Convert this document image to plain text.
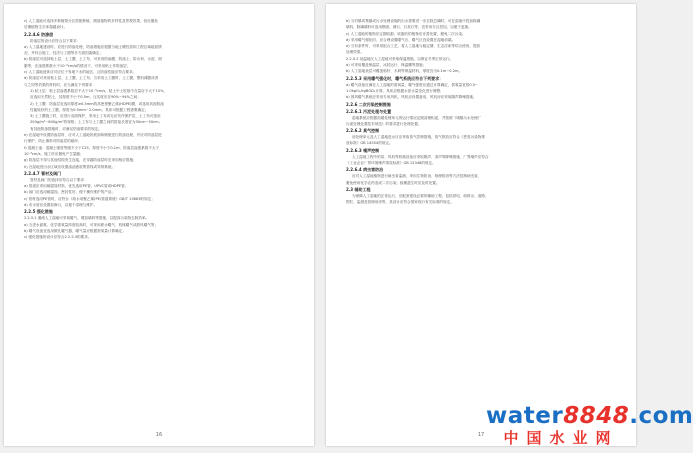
c) 人工湿地可选择多种植物分区搭配种植，增加植物的多样性及景观效果，但应避免
后期植物生长率超越设计。
2.2.4.6 防渗层
防渗层的设计应符合以下要求：
a) 人工湿地建设时，应进行防渗处理，防渗措施应根据当地土壤性质和工程区域地质情
况，并综合施工、经济与工期等多方面因素确定；
b) 防渗层可选择粘土层、土工膜、土工布，可采用防渗膜、防渗土、防水剂、水泥、树
脂等，在渗透系数小于10⁻⁸cm/s的情况下，可采用粘土作防渗层；
c) 人工湿地池体应对应位于有地下水的地区，且防渗性能应符合要求；
d) 防渗层可采用粘土层、土工膜、土工布；当采用土工膜时，土工膜、塑料薄膜或者
与之同等效果的材料时，应当满足下列要求：
1) 粘土层：粘土层渗透系数应不大于10⁻⁸cm/s，粘土中土粒组中含量应不大于15%，
应选用天然粘土，其厚度不小于0.5m，压实度应在90%~94%之间；
2) 土工膜：防渗层宜选用厚度≥0.5mm的高密度聚乙烯(HDPE)膜，或选用其他防渗
性能较好的土工膜，厚度为0.5mm~2.0mm，具体可根据工程需要确定；
3) 土工膜施工时，应进行双面保护，采用土工布或无纺布作保护层，土工布可选用
200g/m²~600g/m²的规格；土工布与土工膜之间的搭接长度宜为30cm~50cm；
有其他防渗措施时，应满足防渗要求的规定。
e) 在湿地中设置防渗层时，应对人工湿地的底部和侧壁进行防渗处理，并应对防渗层进
行保护，防止填料对防渗层的破坏；
f) 混凝土池：混凝土强度等级不小于C25，厚度不小于0.1m，防渗层渗透系数不大于
10⁻⁸cm/s，施工时应避免产生裂缝；
g) 防渗层不得与其他结构发生连接，在穿越防渗层时应采用相应措施；
h) 在湿地进出水区域应设置渗滤液收集管线或导排系统。
2.2.4.7 管材及阀门
管材及阀门的选择应符合以下要求：
a) 管道应采用耐腐蚀材料，优先选用PE管、UPVC管或HDPE管；
b) 阀门应选用耐腐蚀、密封性好、便于操作维护的产品；
c) 管材选用PE管时，应符合《给水用聚乙烯(PE)管道系统》GB/T 13663的规定；
d) 布水管应设置检修口，以便于清理与维护。
2.2.5 强化措施
2.2.5.1 潜流人工湿地可采取曝气、增加填料等措施，以提高污染物去除效率。
a) 当进水氨氮、化学需氧量浓度较高时，可采用跌水曝气、机械曝气或鼓风曝气等；
b) 曝气设备宜选用微孔曝气器，曝气量应根据需氧量计算确定；
c) 强化措施的设计应符合2.2.5.3的要求。
16
b) 当村镇或集镇或污水处理设施的出水需要进一步去除总磷时，可在湿地中投加除磷
填料，除磷填料可选用钢渣、沸石、石灰石等，宜采用分区投加，以便于更换；
c) 人工湿地的植物应定期收割，收割后的植物应妥善处置，避免二次污染。
d) 采用曝气强化时，应合理设置曝气区，曝气区宜设置在湿地前端。
e) 当有条件时，可采用组合工艺，将人工湿地与稳定塘、生态浮床等结合使用，提高
处理效果。
2.2.5.2 低温地区人工湿地可采取保温措施，以保证冬季正常运行。
a) 可采用覆盖保温层、冰封运行、保温棚等措施；
b) 人工湿地表层可覆盖秸秆、木屑等保温材料，厚度宜为0.1m~0.2m。
2.2.5.3 采用曝气强化时，曝气系统应符合下列要求：
a) 曝气设备应满足人工湿地的需氧量，曝气强度应通过计算确定，供氧量宜按0.5~
1.0kgO₂/kgBOD₅计算，具体应根据水质水量变化进行调整；
b) 鼓风曝气系统应采用专用风机，风机应设置备用，风机房应采取隔声降噪措施。
2.2.6 二次污染控制措施
2.2.6.1 污泥处理与处置
湿地系统应根据前端处理单元的运行情况定期清理积泥，并按照《城镇污水处理厂
污泥处理处置技术规范》的要求进行处理处置。
2.2.6.2 臭气控制
前处理单元及人工湿地进水区应采取臭气控制措施，臭气排放应符合《恶臭污染物排
放标准》GB 14554的规定。
2.2.6.3 噪声控制
人工湿地工程中的泵、风机等机械设备应采取隔声、消声等降噪措施，厂界噪声应符合
《工业企业厂界环境噪声排放标准》GB 12348的规定。
2.2.6.4 病虫害防治
应对人工湿地植物进行病虫害监测，采用生物防治、物理防治等方法控制病虫害，
避免使用化学农药造成二次污染；蚊蝇滋生时应及时处置。
2.3 辅助工程
为保障人工湿地的正常运行，应配套建设必要的辅助工程，包括供电、给排水、道路、
围栏、监测及管理用房等，其设计应符合国家现行有关标准的规定。
17
water8848.com
中国水业网
